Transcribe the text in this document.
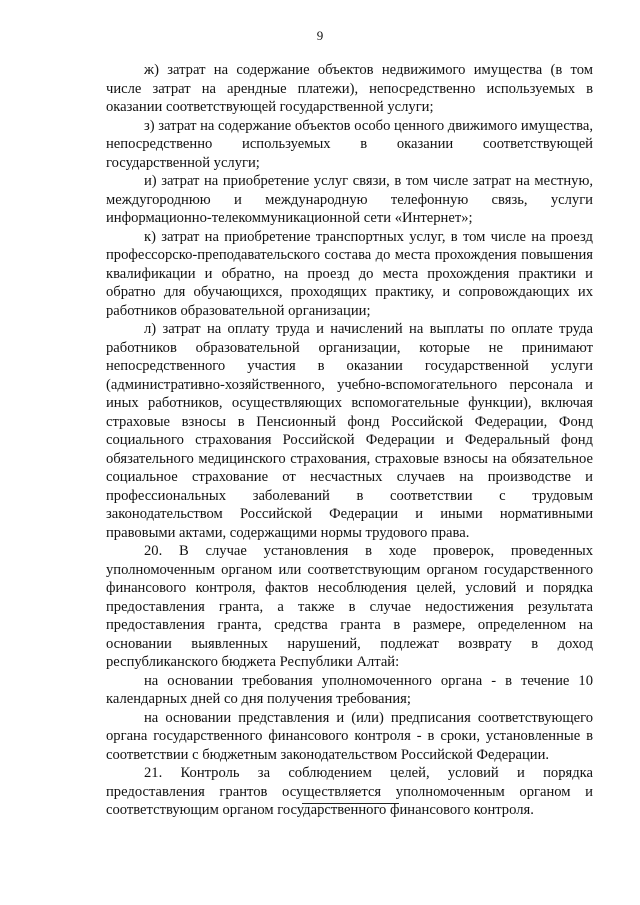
9

ж) затрат на содержание объектов недвижимого имущества (в том числе затрат на арендные платежи), непосредственно используемых в оказании соответствующей государственной услуги;

з) затрат на содержание объектов особо ценного движимого имущества, непосредственно используемых в оказании соответствующей государственной услуги;

и) затрат на приобретение услуг связи, в том числе затрат на местную, междугороднюю и международную телефонную связь, услуги информационно-телекоммуникационной сети «Интернет»;

к) затрат на приобретение транспортных услуг, в том числе на проезд профессорско-преподавательского состава до места прохождения повышения квалификации и обратно, на проезд до места прохождения практики и обратно для обучающихся, проходящих практику, и сопровождающих их работников образовательной организации;

л) затрат на оплату труда и начислений на выплаты по оплате труда работников образовательной организации, которые не принимают непосредственного участия в оказании государственной услуги (административно-хозяйственного, учебно-вспомогательного персонала и иных работников, осуществляющих вспомогательные функции), включая страховые взносы в Пенсионный фонд Российской Федерации, Фонд социального страхования Российской Федерации и Федеральный фонд обязательного медицинского страхования, страховые взносы на обязательное социальное страхование от несчастных случаев на производстве и профессиональных заболеваний в соответствии с трудовым законодательством Российской Федерации и иными нормативными правовыми актами, содержащими нормы трудового права.

20. В случае установления в ходе проверок, проведенных уполномоченным органом или соответствующим органом государственного финансового контроля, фактов несоблюдения целей, условий и порядка предоставления гранта, а также в случае недостижения результата предоставления гранта, средства гранта в размере, определенном на основании выявленных нарушений, подлежат возврату в доход республиканского бюджета Республики Алтай:

на основании требования уполномоченного органа - в течение 10 календарных дней со дня получения требования;

на основании представления и (или) предписания соответствующего органа государственного финансового контроля - в сроки, установленные в соответствии с бюджетным законодательством Российской Федерации.

21. Контроль за соблюдением целей, условий и порядка предоставления грантов осуществляется уполномоченным органом и соответствующим органом государственного финансового контроля.
